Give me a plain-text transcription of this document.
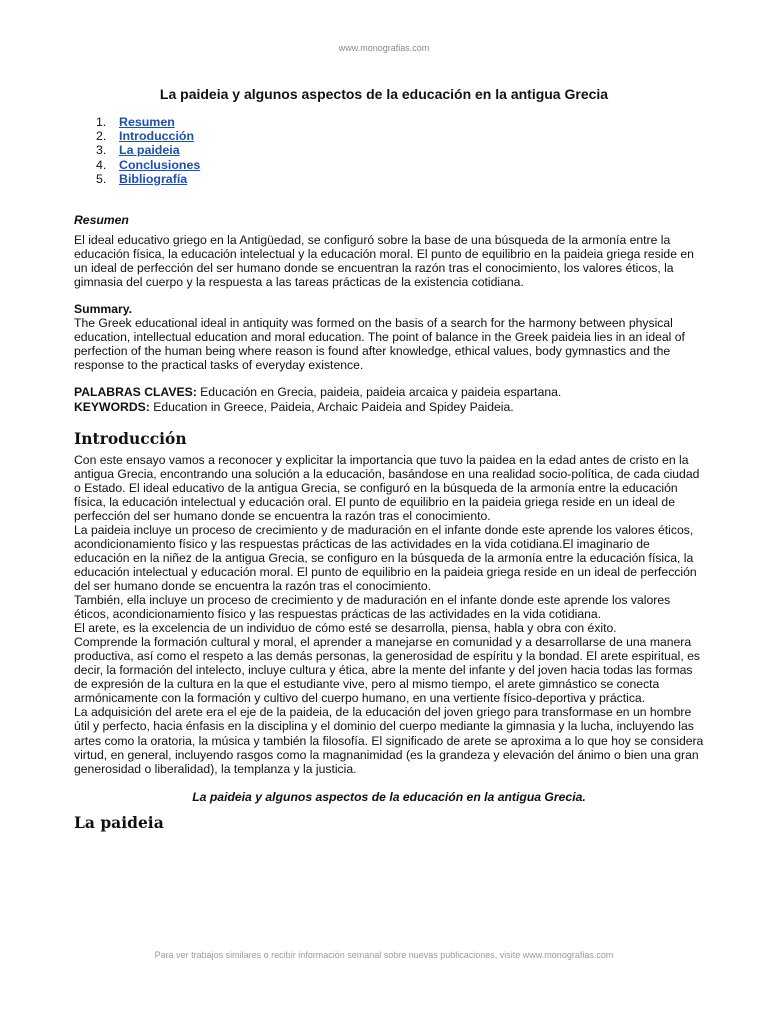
www.monografias.com
La paideia y algunos aspectos de la educación en la antigua Grecia
1.	Resumen
2.	Introducción
3.	La paideia
4.	Conclusiones
5.	Bibliografía

Resumen

El ideal educativo griego en la Antigüedad, se configuró sobre la base de una búsqueda de la armonía entre la educación física, la educación intelectual y la educación moral. El punto de equilibrio en la paideia griega reside en un ideal de perfección del ser humano donde se encuentran la razón tras el conocimiento, los valores éticos, la gimnasia del cuerpo y la respuesta a las tareas prácticas de la existencia cotidiana.

Summary.

The Greek educational ideal in antiquity was formed on the basis of a search for the harmony between physical education, intellectual education and moral education. The point of balance in the Greek paideia lies in an ideal of perfection of the human being where reason is found after knowledge, ethical values, body gymnastics and the response to the practical tasks of everyday existence.

PALABRAS CLAVES: Educación en Grecia, paideia, paideia arcaica y paideia espartana.

KEYWORDS: Education in Greece, Paideia, Archaic Paideia and Spidey Paideia.

Introducción

Con este ensayo vamos a reconocer y explicitar la importancia que tuvo la paidea en la edad antes de cristo en la antigua Grecia, encontrando una solución a la educación, basándose en una realidad socio-política, de cada ciudad o Estado. El ideal educativo de la antigua Grecia, se configuró en la búsqueda de la armonía entre la educación física, la educación intelectual y educación oral. El punto de equilibrio en la paideia griega reside en un ideal de perfección del ser humano donde se encuentra la razón tras el conocimiento.

La paideia incluye un proceso de crecimiento y de maduración en el infante donde este aprende los valores éticos, acondicionamiento físico y las respuestas prácticas de las actividades en la vida cotidiana.El imaginario de educación en la niñez de la antigua Grecia, se configuro en la búsqueda de la armonía entre la educación física, la educación intelectual y educación moral. El punto de equilibrio en la paideia griega reside en un ideal de perfección del ser humano donde se encuentra la razón tras el conocimiento.

También, ella incluye un proceso de crecimiento y de maduración en el infante donde este aprende los valores éticos, acondicionamiento físico y las respuestas prácticas de las actividades en la vida cotidiana.

El arete, es la excelencia de un individuo de cómo esté se desarrolla, piensa, habla y obra con éxito.

Comprende la formación cultural y moral, el aprender a manejarse en comunidad y a desarrollarse de una manera productiva, así como el respeto a las demás personas, la generosidad de espíritu y la bondad. El arete espiritual, es decir, la formación del intelecto, incluye cultura y ética, abre la mente del infante y del joven hacia todas las formas de expresión de la cultura en la que el estudiante vive, pero al mismo tiempo, el arete gimnástico se conecta armónicamente con la formación y cultivo del cuerpo humano, en una vertiente físico-deportiva y práctica.

La adquisición del arete era el eje de la paideia, de la educación del joven griego para transformase en un hombre útil y perfecto, hacia énfasis en la disciplina y el dominio del cuerpo mediante la gimnasia y la lucha, incluyendo las artes como la oratoria, la música y también la filosofía. El significado de arete se aproxima a lo que hoy se considera virtud, en general, incluyendo rasgos como la magnanimidad (es la grandeza y elevación del ánimo o bien una gran generosidad o liberalidad), la templanza y la justicia.

La paideia y algunos aspectos de la educación en la antigua Grecia.

La paideia
Para ver trabajos similares o recibir información semanal sobre nuevas publicaciones, visite www.monografias.com
